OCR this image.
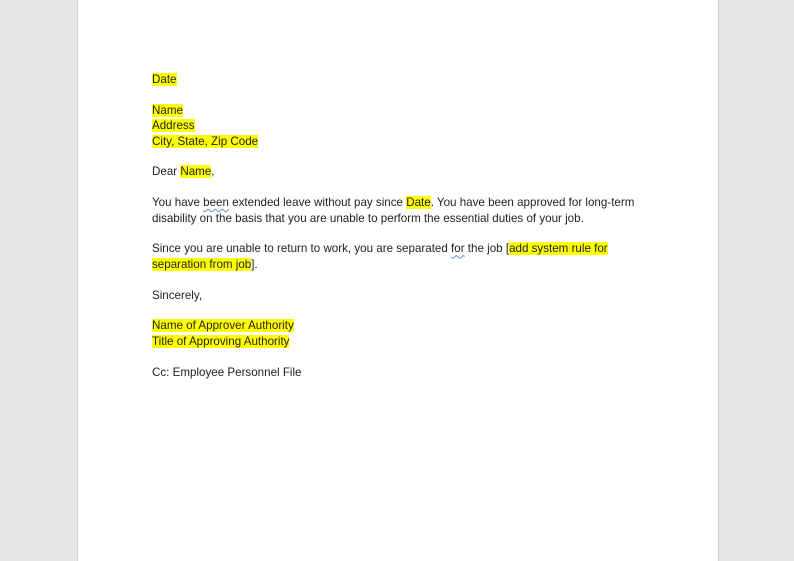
Date
Name
Address
City, State, Zip Code
Dear Name,
You have been extended leave without pay since Date. You have been approved for long-term
disability on the basis that you are unable to perform the essential duties of your job.
Since you are unable to return to work, you are separated for the job [add system rule for
separation from job].
Sincerely,
Name of Approver Authority
Title of Approving Authority
Cc: Employee Personnel File
